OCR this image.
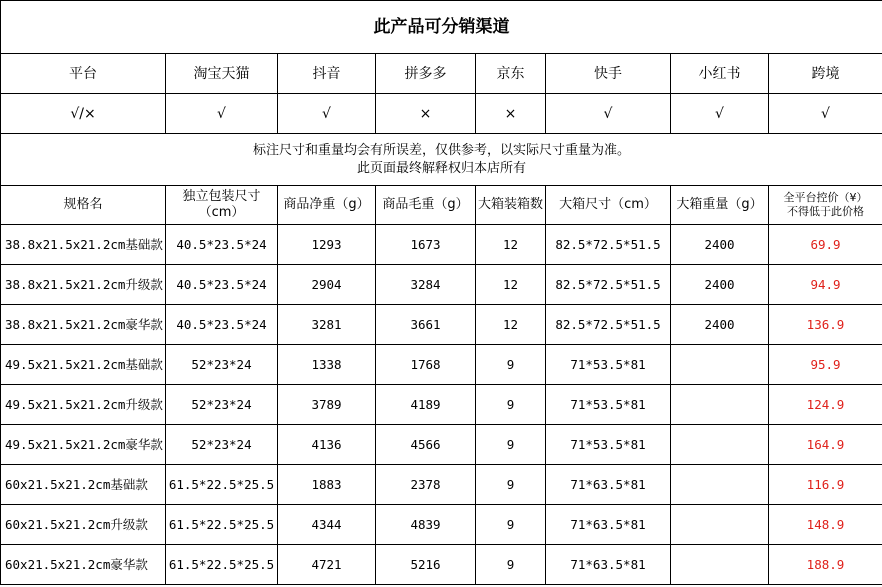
此产品可分销渠道							
平台	淘宝天猫	抖音	拼多多	京东	快手	小红书	跨境
√/×	√	√	×	×	√	√	√

标注尺寸和重量均会有所误差，仅供参考，以实际尺寸重量为准。
此页面最终解释权归本店所有							

规格名	独立包装尺寸（cm）	商品净重（g）	商品毛重（g）	大箱装箱数	大箱尺寸（cm）	大箱重量（g）	全平台控价（¥）
不得低于此价格

38.8x21.5x21.2cm基础款	40.5*23.5*24	1293	1673	12	82.5*72.5*51.5	2400	69.9
38.8x21.5x21.2cm升级款	40.5*23.5*24	2904	3284	12	82.5*72.5*51.5	2400	94.9
38.8x21.5x21.2cm豪华款	40.5*23.5*24	3281	3661	12	82.5*72.5*51.5	2400	136.9
49.5x21.5x21.2cm基础款	52*23*24	1338	1768	9	71*53.5*81		95.9
49.5x21.5x21.2cm升级款	52*23*24	3789	4189	9	71*53.5*81		124.9
49.5x21.5x21.2cm豪华款	52*23*24	4136	4566	9	71*53.5*81		164.9
60x21.5x21.2cm基础款	61.5*22.5*25.5	1883	2378	9	71*63.5*81		116.9
60x21.5x21.2cm升级款	61.5*22.5*25.5	4344	4839	9	71*63.5*81		148.9
60x21.5x21.2cm豪华款	61.5*22.5*25.5	4721	5216	9	71*63.5*81		188.9
